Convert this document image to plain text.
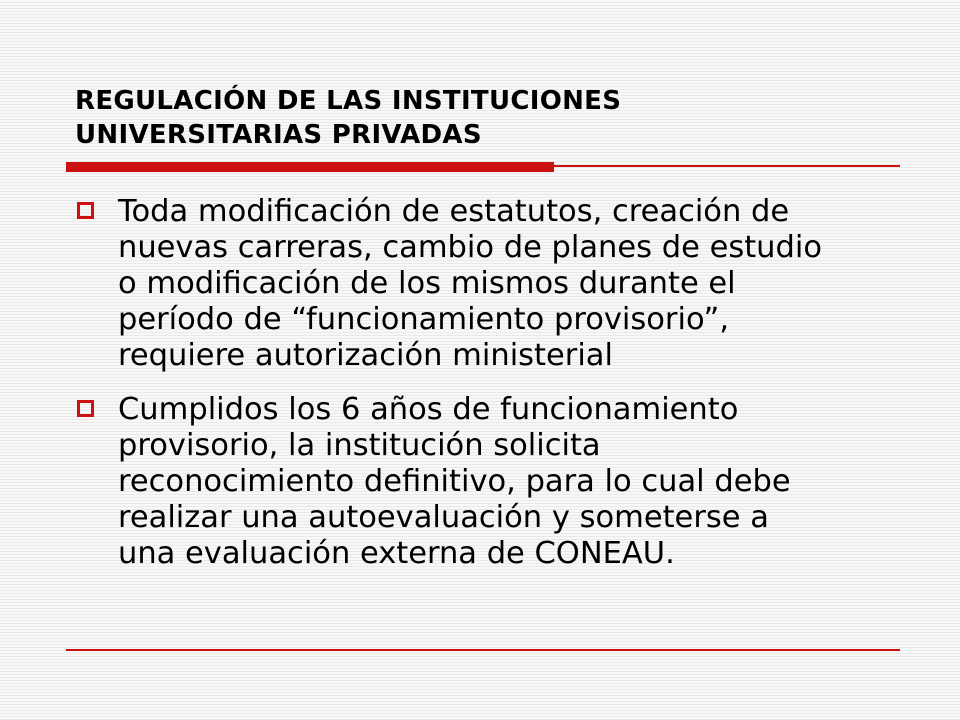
REGULACIÓN DE LAS INSTITUCIONES
UNIVERSITARIAS PRIVADAS
Toda modificación de estatutos, creación de
nuevas carreras, cambio de planes de estudio
o modificación de los mismos durante el
período de “funcionamiento provisorio”,
requiere autorización ministerial
Cumplidos los 6 años de funcionamiento
provisorio, la institución solicita
reconocimiento definitivo, para lo cual debe
realizar una autoevaluación y someterse a
una evaluación externa de CONEAU.
